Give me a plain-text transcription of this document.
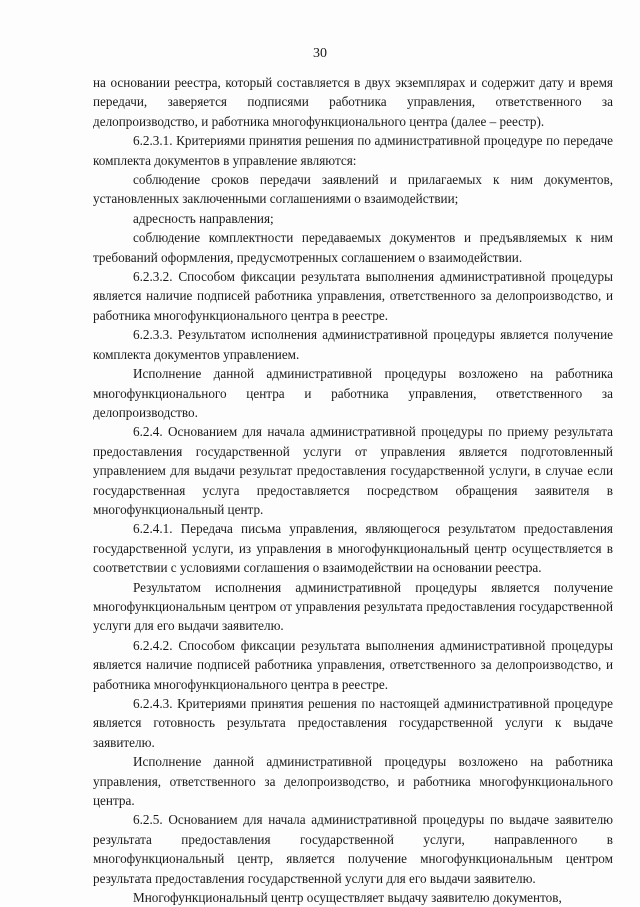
30

на основании реестра, который составляется в двух экземплярах и содержит дату и время передачи, заверяется подписями работника управления, ответственного за делопроизводство, и работника многофункционального центра (далее – реестр).

6.2.3.1. Критериями принятия решения по административной процедуре по передаче комплекта документов в управление являются:

соблюдение сроков передачи заявлений и прилагаемых к ним документов, установленных заключенными соглашениями о взаимодействии;

адресность направления;

соблюдение комплектности передаваемых документов и предъявляемых к ним требований оформления, предусмотренных соглашением о взаимодействии.

6.2.3.2. Способом фиксации результата выполнения административной процедуры является наличие подписей работника управления, ответственного за делопроизводство, и работника многофункционального центра в реестре.

6.2.3.3. Результатом исполнения административной процедуры является получение комплекта документов управлением.

Исполнение данной административной процедуры возложено на работника многофункционального центра и работника управления, ответственного за делопроизводство.

6.2.4. Основанием для начала административной процедуры по приему результата предоставления государственной услуги от управления является подготовленный управлением для выдачи результат предоставления государственной услуги, в случае если государственная услуга предоставляется посредством обращения заявителя в многофункциональный центр.

6.2.4.1. Передача письма управления, являющегося результатом предоставления государственной услуги, из управления в многофункциональный центр осуществляется в соответствии с условиями соглашения о взаимодействии на основании реестра.

Результатом исполнения административной процедуры является получение многофункциональным центром от управления результата предоставления государственной услуги для его выдачи заявителю.

6.2.4.2. Способом фиксации результата выполнения административной процедуры является наличие подписей работника управления, ответственного за делопроизводство, и работника многофункционального центра в реестре.

6.2.4.3. Критериями принятия решения по настоящей административной процедуре является готовность результата предоставления государственной услуги к выдаче заявителю.

Исполнение данной административной процедуры возложено на работника управления, ответственного за делопроизводство, и работника многофункционального центра.

6.2.5. Основанием для начала административной процедуры по выдаче заявителю результата предоставления государственной услуги, направленного в многофункциональный центр, является получение многофункциональным центром результата предоставления государственной услуги для его выдачи заявителю.

Многофункциональный центр осуществляет выдачу заявителю документов,
